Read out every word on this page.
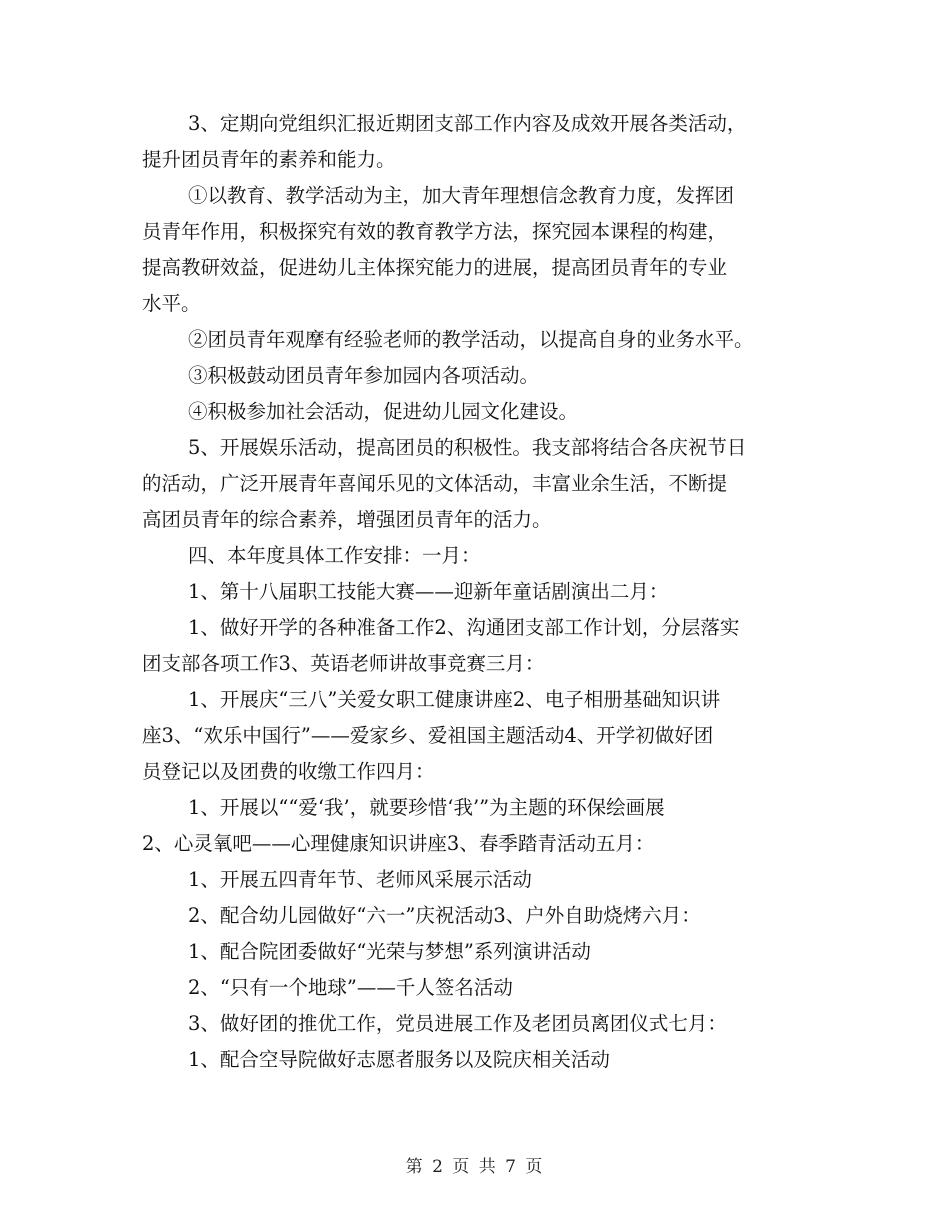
3、定期向党组织汇报近期团支部工作内容及成效开展各类活动，
提升团员青年的素养和能力。
①以教育、教学活动为主，加大青年理想信念教育力度，发挥团
员青年作用，积极探究有效的教育教学方法，探究园本课程的构建，
提高教研效益，促进幼儿主体探究能力的进展，提高团员青年的专业
水平。
②团员青年观摩有经验老师的教学活动，以提高自身的业务水平。
③积极鼓动团员青年参加园内各项活动。
④积极参加社会活动，促进幼儿园文化建设。
5、开展娱乐活动，提高团员的积极性。我支部将结合各庆祝节日
的活动，广泛开展青年喜闻乐见的文体活动，丰富业余生活，不断提
高团员青年的综合素养，增强团员青年的活力。
四、本年度具体工作安排：一月：
1、第十八届职工技能大赛——迎新年童话剧演出二月：
1、做好开学的各种准备工作2、沟通团支部工作计划，分层落实
团支部各项工作3、英语老师讲故事竞赛三月：
1、开展庆“三八”关爱女职工健康讲座2、电子相册基础知识讲
座3、“欢乐中国行”——爱家乡、爱祖国主题活动4、开学初做好团
员登记以及团费的收缴工作四月：
1、开展以““爱‘我’，就要珍惜‘我’”为主题的环保绘画展
2、心灵氧吧——心理健康知识讲座3、春季踏青活动五月：
1、开展五四青年节、老师风采展示活动
2、配合幼儿园做好“六一”庆祝活动3、户外自助烧烤六月：
1、配合院团委做好“光荣与梦想”系列演讲活动
2、“只有一个地球”——千人签名活动
3、做好团的推优工作，党员进展工作及老团员离团仪式七月：
1、配合空导院做好志愿者服务以及院庆相关活动
第 2 页 共 7 页
